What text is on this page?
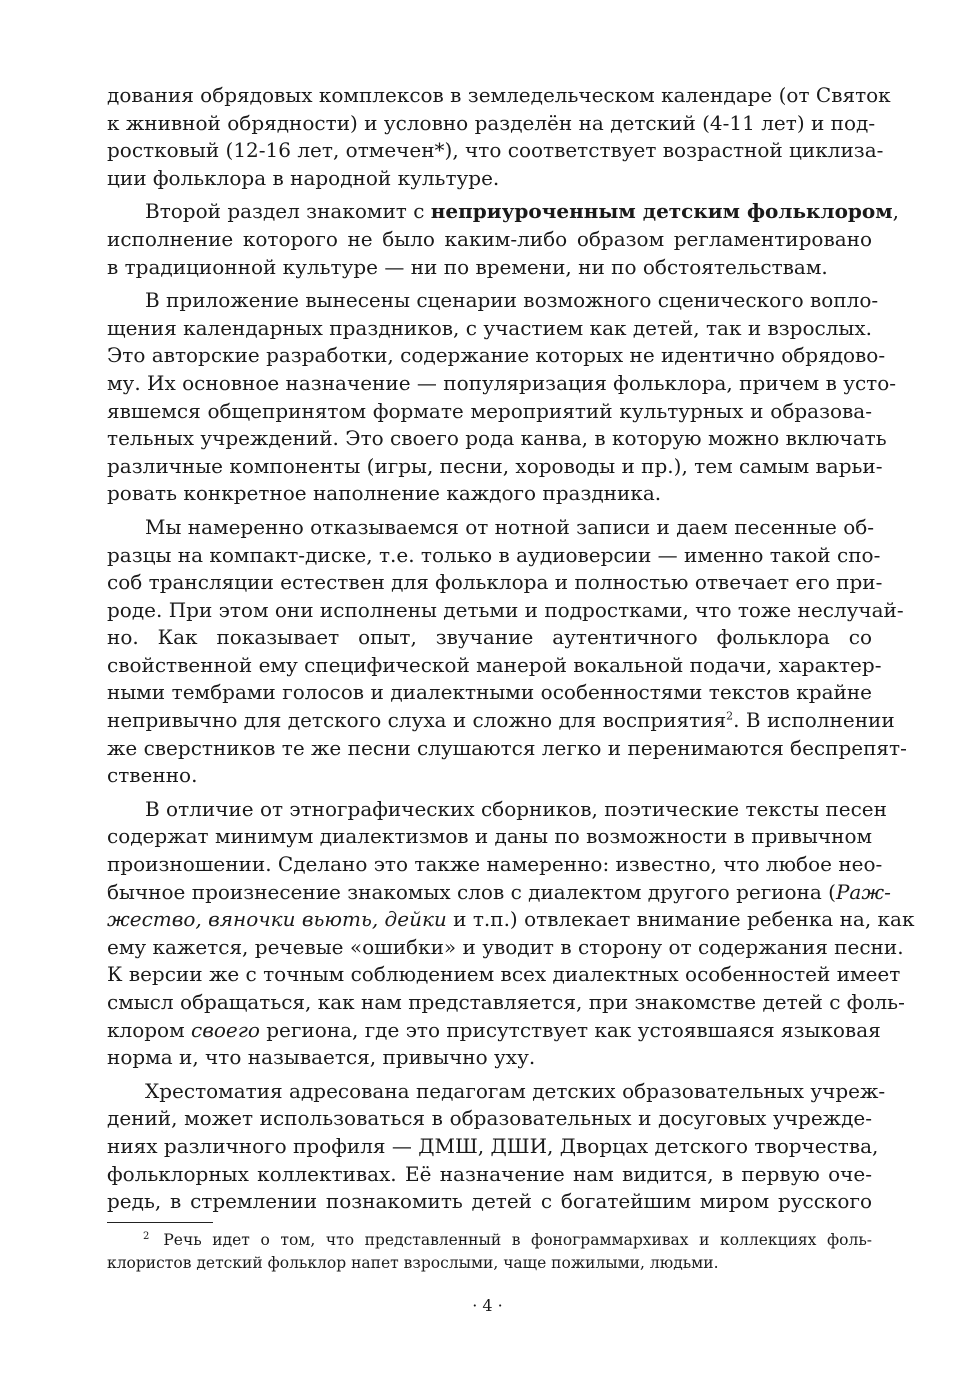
дования обрядовых комплексов в земледельческом календаре (от Святок
к жнивной обрядности) и условно разделён на детский (4-11 лет) и под-
ростковый (12-16 лет, отмечен*), что соответствует возрастной циклиза-
ции фольклора в народной культуре.
Второй раздел знакомит с неприуроченным детским фольклором,
исполнение которого не было каким-либо образом регламентировано
в традиционной культуре — ни по времени, ни по обстоятельствам.
В приложение вынесены сценарии возможного сценического вопло-
щения календарных праздников, с участием как детей, так и взрослых.
Это авторские разработки, содержание которых не идентично обрядово-
му. Их основное назначение — популяризация фольклора, причем в усто-
явшемся общепринятом формате мероприятий культурных и образова-
тельных учреждений. Это своего рода канва, в которую можно включать
различные компоненты (игры, песни, хороводы и пр.), тем самым варьи-
ровать конкретное наполнение каждого праздника.
Мы намеренно отказываемся от нотной записи и даем песенные об-
разцы на компакт-диске, т.е. только в аудиоверсии — именно такой спо-
соб трансляции естествен для фольклора и полностью отвечает его при-
роде. При этом они исполнены детьми и подростками, что тоже неслучай-
но. Как показывает опыт, звучание аутентичного фольклора со
свойственной ему специфической манерой вокальной подачи, характер-
ными тембрами голосов и диалектными особенностями текстов крайне
непривычно для детского слуха и сложно для восприятия$^2$. В исполнении
же сверстников те же песни слушаются легко и перенимаются беспрепят-
ственно.
В отличие от этнографических сборников, поэтические тексты песен
содержат минимум диалектизмов и даны по возможности в привычном
произношении. Сделано это также намеренно: известно, что любое нео-
бычное произнесение знакомых слов с диалектом другого региона (Раж-
жество, вяночки вьють, дейки и т.п.) отвлекает внимание ребенка на, как
ему кажется, речевые «ошибки» и уводит в сторону от содержания песни.
К версии же с точным соблюдением всех диалектных особенностей имеет
смысл обращаться, как нам представляется, при знакомстве детей с фоль-
клором своего региона, где это присутствует как устоявшаяся языковая
норма и, что называется, привычно уху.
Хрестоматия адресована педагогам детских образовательных учреж-
дений, может использоваться в образовательных и досуговых учрежде-
ниях различного профиля — ДМШ, ДШИ, Дворцах детского творчества,
фольклорных коллективах. Её назначение нам видится, в первую оче-
редь, в стремлении познакомить детей с богатейшим миром русского
$^2$ Речь идет о том, что представленный в фонограммархивах и коллекциях фоль-
клористов детский фольклор напет взрослыми, чаще пожилыми, людьми.
· 4 ·
